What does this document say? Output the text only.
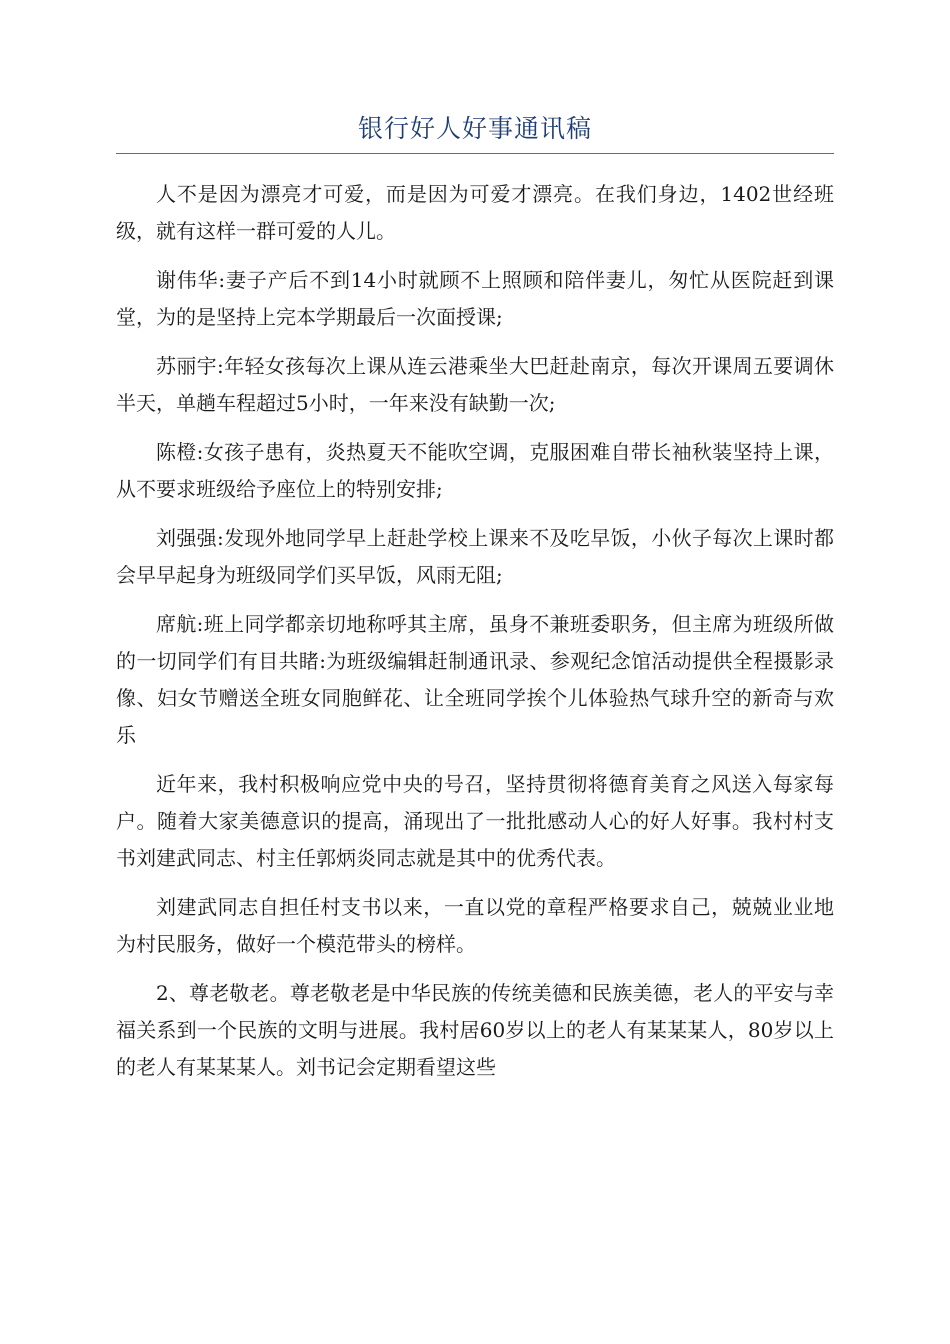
银行好人好事通讯稿

人不是因为漂亮才可爱，而是因为可爱才漂亮。在我们身边，1402世经班级，就有这样一群可爱的人儿。

谢伟华:妻子产后不到14小时就顾不上照顾和陪伴妻儿，匆忙从医院赶到课堂，为的是坚持上完本学期最后一次面授课;

苏丽宇:年轻女孩每次上课从连云港乘坐大巴赶赴南京，每次开课周五要调休半天，单趟车程超过5小时，一年来没有缺勤一次;

陈橙:女孩子患有，炎热夏天不能吹空调，克服困难自带长袖秋装坚持上课，从不要求班级给予座位上的特别安排;

刘强强:发现外地同学早上赶赴学校上课来不及吃早饭，小伙子每次上课时都会早早起身为班级同学们买早饭，风雨无阻;

席航:班上同学都亲切地称呼其主席，虽身不兼班委职务，但主席为班级所做的一切同学们有目共睹:为班级编辑赶制通讯录、参观纪念馆活动提供全程摄影录像、妇女节赠送全班女同胞鲜花、让全班同学挨个儿体验热气球升空的新奇与欢乐

近年来，我村积极响应党中央的号召，坚持贯彻将德育美育之风送入每家每户。随着大家美德意识的提高，涌现出了一批批感动人心的好人好事。我村村支书刘建武同志、村主任郭炳炎同志就是其中的优秀代表。

刘建武同志自担任村支书以来，一直以党的章程严格要求自己，兢兢业业地为村民服务，做好一个模范带头的榜样。

2、尊老敬老。尊老敬老是中华民族的传统美德和民族美德，老人的平安与幸福关系到一个民族的文明与进展。我村居60岁以上的老人有某某某人，80岁以上的老人有某某某人。刘书记会定期看望这些
